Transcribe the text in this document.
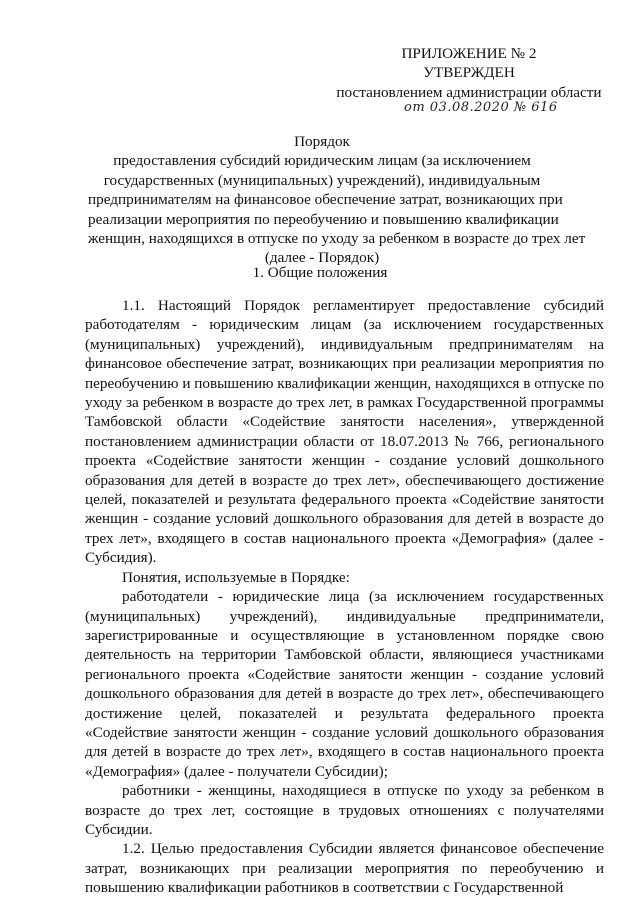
ПРИЛОЖЕНИЕ № 2
УТВЕРЖДЕН
постановлением администрации области
от 03.08.2020 № 616
Порядок
предоставления субсидий юридическим лицам (за исключением
государственных (муниципальных) учреждений), индивидуальным
предпринимателям на финансовое обеспечение затрат, возникающих при
реализации мероприятия по переобучению и повышению квалификации
женщин, находящихся в отпуске по уходу за ребенком в возрасте до трех лет
(далее - Порядок)
1. Общие положения

1.1. Настоящий Порядок регламентирует предоставление субсидий работодателям - юридическим лицам (за исключением государственных (муниципальных) учреждений), индивидуальным предпринимателям на финансовое обеспечение затрат, возникающих при реализации мероприятия по переобучению и повышению квалификации женщин, находящихся в отпуске по уходу за ребенком в возрасте до трех лет, в рамках Государственной программы Тамбовской области «Содействие занятости населения», утвержденной постановлением администрации области от 18.07.2013 № 766, регионального проекта «Содействие занятости женщин - создание условий дошкольного образования для детей в возрасте до трех лет», обеспечивающего достижение целей, показателей и результата федерального проекта «Содействие занятости женщин - создание условий дошкольного образования для детей в возрасте до трех лет», входящего в состав национального проекта «Демография» (далее - Субсидия).

Понятия, используемые в Порядке:

работодатели - юридические лица (за исключением государственных (муниципальных) учреждений), индивидуальные предприниматели, зарегистрированные и осуществляющие в установленном порядке свою деятельность на территории Тамбовской области, являющиеся участниками регионального проекта «Содействие занятости женщин - создание условий дошкольного образования для детей в возрасте до трех лет», обеспечивающего достижение целей, показателей и результата федерального проекта «Содействие занятости женщин - создание условий дошкольного образования для детей в возрасте до трех лет», входящего в состав национального проекта «Демография» (далее - получатели Субсидии);

работники - женщины, находящиеся в отпуске по уходу за ребенком в возрасте до трех лет, состоящие в трудовых отношениях с получателями Субсидии.

1.2. Целью предоставления Субсидии является финансовое обеспечение затрат, возникающих при реализации мероприятия по переобучению и повышению квалификации работников в соответствии с Государственной
